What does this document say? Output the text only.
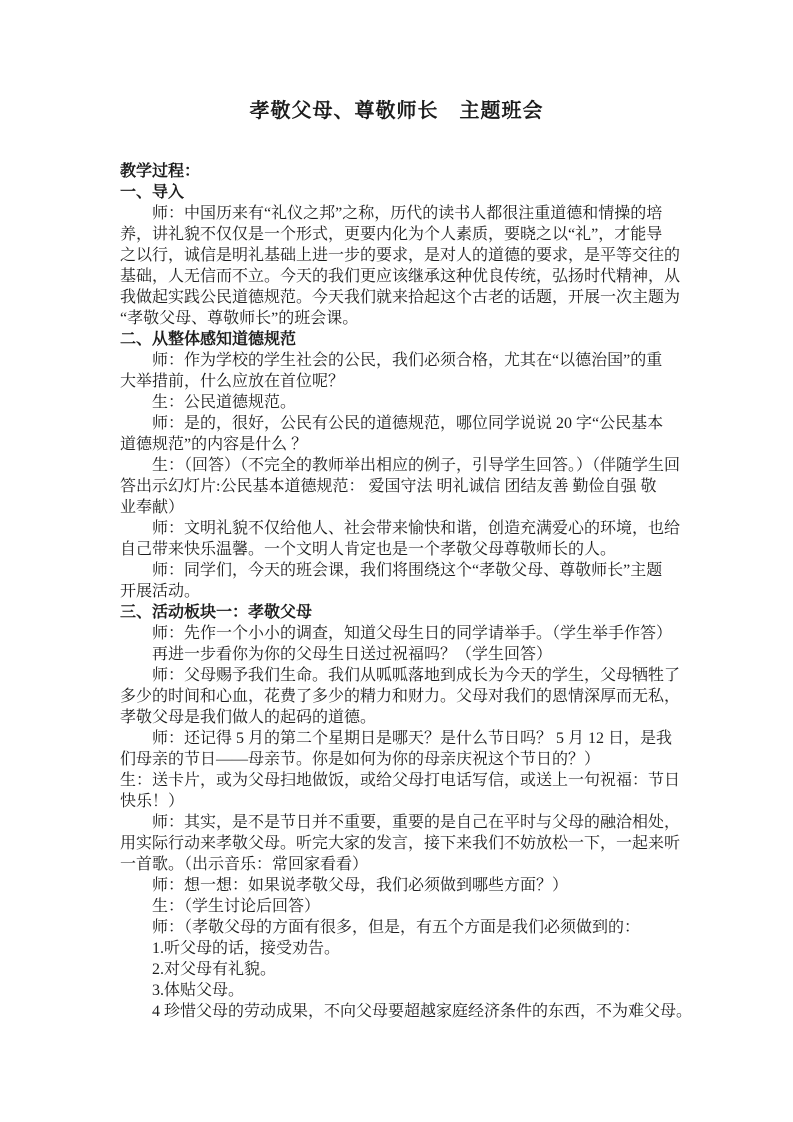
孝敬父母、尊敬师长　主题班会
教学过程：
一、导入
师：中国历来有“礼仪之邦”之称，历代的读书人都很注重道德和情操的培
养，讲礼貌不仅仅是一个形式，更要内化为个人素质，要晓之以“礼”，才能导
之以行，诚信是明礼基础上进一步的要求，是对人的道德的要求，是平等交往的
基础，人无信而不立。今天的我们更应该继承这种优良传统，弘扬时代精神，从
我做起实践公民道德规范。今天我们就来拾起这个古老的话题，开展一次主题为
“孝敬父母、尊敬师长”的班会课。
二、从整体感知道德规范
师：作为学校的学生社会的公民，我们必须合格，尤其在“以德治国”的重
大举措前，什么应放在首位呢？
生：公民道德规范。
师：是的，很好，公民有公民的道德规范，哪位同学说说 20 字“公民基本
道德规范”的内容是什么 ？
生：（回答）（不完全的教师举出相应的例子，引导学生回答。）（伴随学生回
答出示幻灯片:公民基本道德规范： 爱国守法 明礼诚信 团结友善 勤俭自强 敬
业奉献）
师：文明礼貌不仅给他人、社会带来愉快和谐，创造充满爱心的环境，也给
自己带来快乐温馨。一个文明人肯定也是一个孝敬父母尊敬师长的人。
师：同学们，今天的班会课，我们将围绕这个“孝敬父母、尊敬师长”主题
开展活动。
三、活动板块一：孝敬父母
师：先作一个小小的调查，知道父母生日的同学请举手。（学生举手作答）
再进一步看你为你的父母生日送过祝福吗？（学生回答）
师：父母赐予我们生命。我们从呱呱落地到成长为今天的学生，父母牺牲了
多少的时间和心血，花费了多少的精力和财力。父母对我们的恩情深厚而无私，
孝敬父母是我们做人的起码的道德。
师：还记得 5 月的第二个星期日是哪天？是什么节日吗？ 5 月 12 日，是我
们母亲的节日——母亲节。你是如何为你的母亲庆祝这个节日的？）
生：送卡片，或为父母扫地做饭，或给父母打电话写信，或送上一句祝福：节日
快乐！）
师：其实，是不是节日并不重要，重要的是自己在平时与父母的融洽相处，
用实际行动来孝敬父母。听完大家的发言，接下来我们不妨放松一下，一起来听
一首歌。（出示音乐：常回家看看）
师：想一想：如果说孝敬父母，我们必须做到哪些方面？）
生：（学生讨论后回答）
师：（孝敬父母的方面有很多，但是，有五个方面是我们必须做到的：
1.听父母的话，接受劝告。
2.对父母有礼貌。
3.体贴父母。
4 珍惜父母的劳动成果，不向父母要超越家庭经济条件的东西，不为难父母。
